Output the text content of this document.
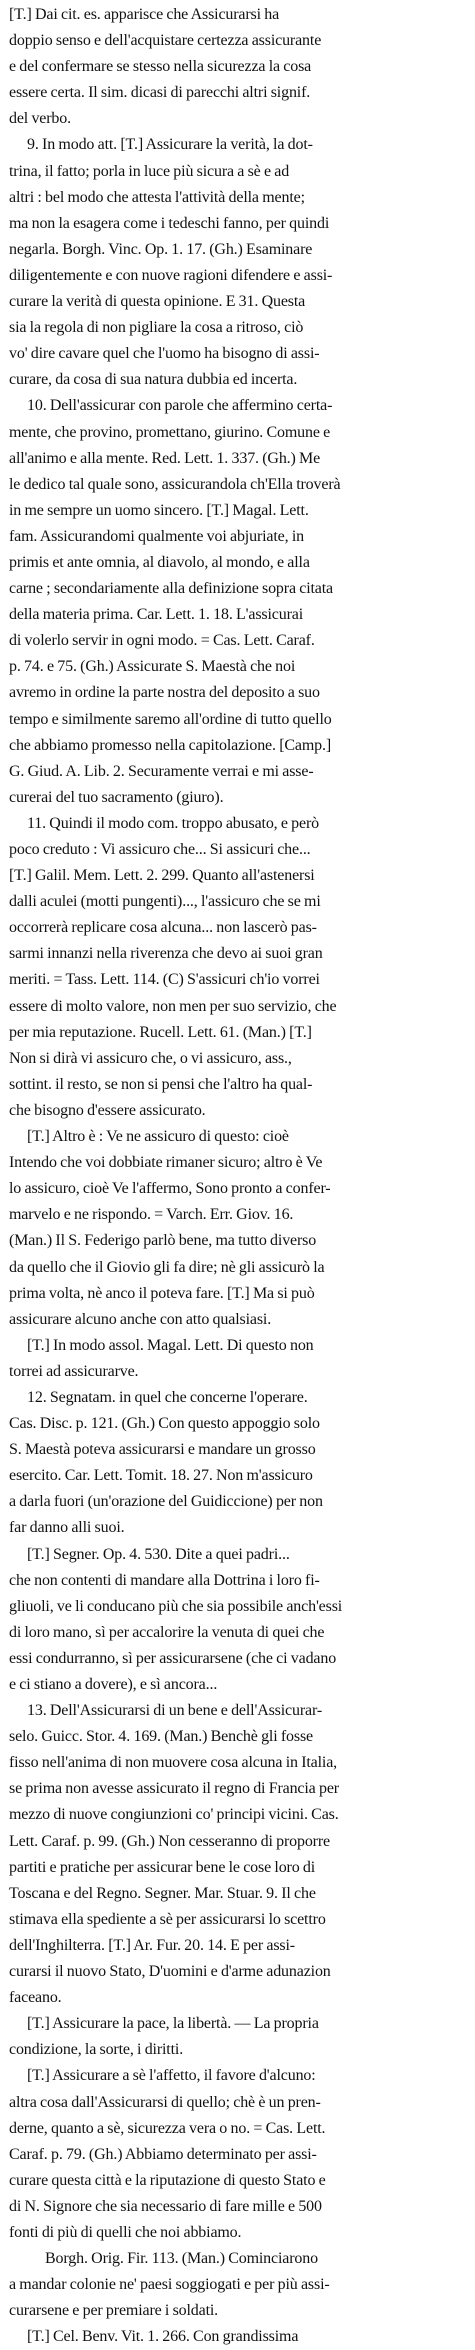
[T.] Dai cit. es. apparisce che Assicurarsi ha
doppio senso e dell'acquistare certezza assicurante
e del confermare se stesso nella sicurezza la cosa
essere certa. Il sim. dicasi di parecchi altri signif.
del verbo.
9. In modo att. [T.] Assicurare la verità, la dot-
trina, il fatto; porla in luce più sicura a sè e ad
altri : bel modo che attesta l'attività della mente;
ma non la esagera come i tedeschi fanno, per quindi
negarla. Borgh. Vinc. Op. 1. 17. (Gh.) Esaminare
diligentemente e con nuove ragioni difendere e assi-
curare la verità di questa opinione. E 31. Questa
sia la regola di non pigliare la cosa a ritroso, ciò
vo' dire cavare quel che l'uomo ha bisogno di assi-
curare, da cosa di sua natura dubbia ed incerta.
10. Dell'assicurar con parole che affermino certa-
mente, che provino, promettano, giurino. Comune e
all'animo e alla mente. Red. Lett. 1. 337. (Gh.) Me
le dedico tal quale sono, assicurandola ch'Ella troverà
in me sempre un uomo sincero. [T.] Magal. Lett.
fam. Assicurandomi qualmente voi abjuriate, in
primis et ante omnia, al diavolo, al mondo, e alla
carne ; secondariamente alla definizione sopra citata
della materia prima. Car. Lett. 1. 18. L'assicurai
di volerlo servir in ogni modo. = Cas. Lett. Caraf.
p. 74. e 75. (Gh.) Assicurate S. Maestà che noi
avremo in ordine la parte nostra del deposito a suo
tempo e similmente saremo all'ordine di tutto quello
che abbiamo promesso nella capitolazione. [Camp.]
G. Giud. A. Lib. 2. Securamente verrai e mi asse-
curerai del tuo sacramento (giuro).
11. Quindi il modo com. troppo abusato, e però
poco creduto : Vi assicuro che... Si assicuri che...
[T.] Galil. Mem. Lett. 2. 299. Quanto all'astenersi
dalli aculei (motti pungenti)..., l'assicuro che se mi
occorrerà replicare cosa alcuna... non lascerò pas-
sarmi innanzi nella riverenza che devo ai suoi gran
meriti. = Tass. Lett. 114. (C) S'assicuri ch'io vorrei
essere di molto valore, non men per suo servizio, che
per mia reputazione. Rucell. Lett. 61. (Man.) [T.]
Non si dirà vi assicuro che, o vi assicuro, ass.,
sottint. il resto, se non si pensi che l'altro ha qual-
che bisogno d'essere assicurato.
[T.] Altro è : Ve ne assicuro di questo: cioè
Intendo che voi dobbiate rimaner sicuro; altro è Ve
lo assicuro, cioè Ve l'affermo, Sono pronto a confer-
marvelo e ne rispondo. = Varch. Err. Giov. 16.
(Man.) Il S. Federigo parlò bene, ma tutto diverso
da quello che il Giovio gli fa dire; nè gli assicurò la
prima volta, nè anco il poteva fare. [T.] Ma si può
assicurare alcuno anche con atto qualsiasi.
[T.] In modo assol. Magal. Lett. Di questo non
torrei ad assicurarve.
12. Segnatam. in quel che concerne l'operare.
Cas. Disc. p. 121. (Gh.) Con questo appoggio solo
S. Maestà poteva assicurarsi e mandare un grosso
esercito. Car. Lett. Tomit. 18. 27. Non m'assicuro
a darla fuori (un'orazione del Guidiccione) per non
far danno alli suoi.
[T.] Segner. Op. 4. 530. Dite a quei padri...
che non contenti di mandare alla Dottrina i loro fi-
gliuoli, ve li conducano più che sia possibile anch'essi
di loro mano, sì per accalorire la venuta di quei che
essi condurranno, sì per assicurarsene (che ci vadano
e ci stiano a dovere), e sì ancora...
13. Dell'Assicurarsi di un bene e dell'Assicurar-
selo. Guicc. Stor. 4. 169. (Man.) Benchè gli fosse
fisso nell'anima di non muovere cosa alcuna in Italia,
se prima non avesse assicurato il regno di Francia per
mezzo di nuove congiunzioni co' principi vicini. Cas.
Lett. Caraf. p. 99. (Gh.) Non cesseranno di proporre
partiti e pratiche per assicurar bene le cose loro di
Toscana e del Regno. Segner. Mar. Stuar. 9. Il che
stimava ella spediente a sè per assicurarsi lo scettro
dell'Inghilterra. [T.] Ar. Fur. 20. 14. E per assi-
curarsi il nuovo Stato, D'uomini e d'arme adunazion
faceano.
[T.] Assicurare la pace, la libertà. — La propria
condizione, la sorte, i diritti.
[T.] Assicurare a sè l'affetto, il favore d'alcuno:
altra cosa dall'Assicurarsi di quello; chè è un pren-
derne, quanto a sè, sicurezza vera o no. = Cas. Lett.
Caraf. p. 79. (Gh.) Abbiamo determinato per assi-
curare questa città e la riputazione di questo Stato e
di N. Signore che sia necessario di fare mille e 500
fonti di più di quelli che noi abbiamo.
Borgh. Orig. Fir. 113. (Man.) Cominciarono
a mandar colonie ne' paesi soggiogati e per più assi-
curarsene e per premiare i soldati.
[T.] Cel. Benv. Vit. 1. 266. Con grandissima
